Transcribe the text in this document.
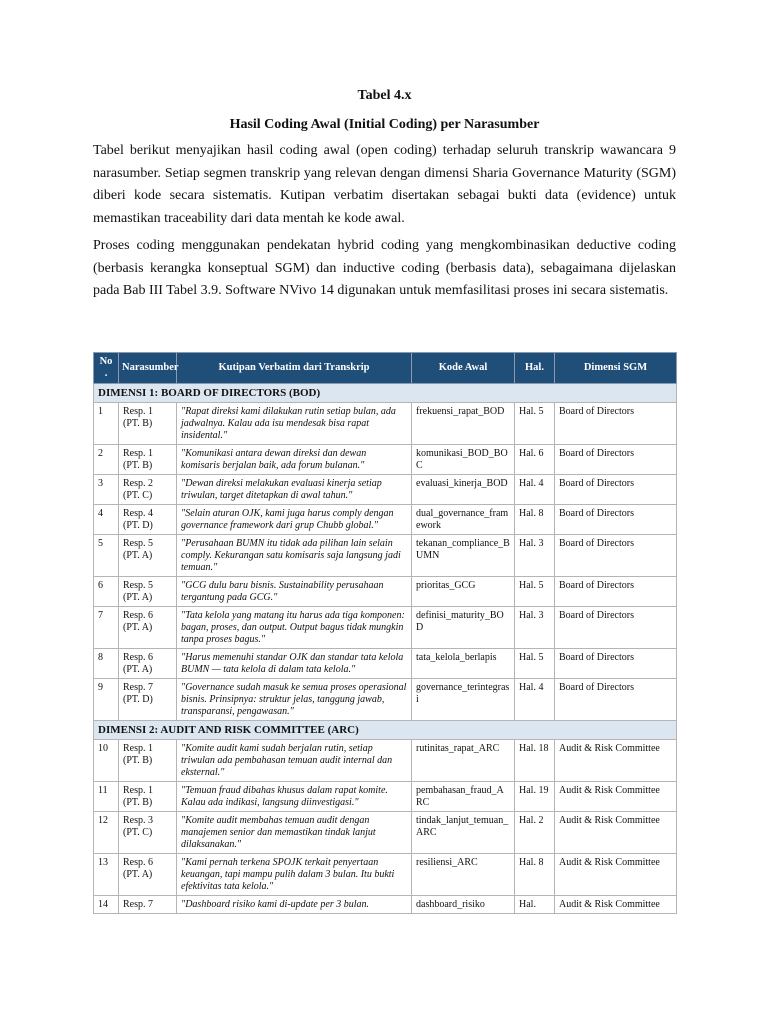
Tabel 4.x
Hasil Coding Awal (Initial Coding) per Narasumber

Tabel berikut menyajikan hasil coding awal (open coding) terhadap seluruh transkrip wawancara 9 narasumber. Setiap segmen transkrip yang relevan dengan dimensi Sharia Governance Maturity (SGM) diberi kode secara sistematis. Kutipan verbatim disertakan sebagai bukti data (evidence) untuk memastikan traceability dari data mentah ke kode awal.

Proses coding menggunakan pendekatan hybrid coding yang mengkombinasikan deductive coding (berbasis kerangka konseptual SGM) dan inductive coding (berbasis data), sebagaimana dijelaskan pada Bab III Tabel 3.9. Software NVivo 14 digunakan untuk memfasilitasi proses ini secara sistematis.

No .	Narasumber	Kutipan Verbatim dari Transkrip	Kode Awal	Hal.	Dimensi SGM
DIMENSI 1: BOARD OF DIRECTORS (BOD)					
1	Resp. 1 (PT. B)	"Rapat direksi kami dilakukan rutin setiap bulan, ada jadwalnya. Kalau ada isu mendesak bisa rapat insidental."	frekuensi_rapat_BOD	Hal. 5	Board of Directors
2	Resp. 1 (PT. B)	"Komunikasi antara dewan direksi dan dewan komisaris berjalan baik, ada forum bulanan."	komunikasi_BOD_BOC	Hal. 6	Board of Directors
3	Resp. 2 (PT. C)	"Dewan direksi melakukan evaluasi kinerja setiap triwulan, target ditetapkan di awal tahun."	evaluasi_kinerja_BOD	Hal. 4	Board of Directors
4	Resp. 4 (PT. D)	"Selain aturan OJK, kami juga harus comply dengan governance framework dari grup Chubb global."	dual_governance_framework	Hal. 8	Board of Directors
5	Resp. 5 (PT. A)	"Perusahaan BUMN itu tidak ada pilihan lain selain comply. Kekurangan satu komisaris saja langsung jadi temuan."	tekanan_compliance_BUMN	Hal. 3	Board of Directors
6	Resp. 5 (PT. A)	"GCG dulu baru bisnis. Sustainability perusahaan tergantung pada GCG."	prioritas_GCG	Hal. 5	Board of Directors
7	Resp. 6 (PT. A)	"Tata kelola yang matang itu harus ada tiga komponen: bagan, proses, dan output. Output bagus tidak mungkin tanpa proses bagus."	definisi_maturity_BOD	Hal. 3	Board of Directors
8	Resp. 6 (PT. A)	"Harus memenuhi standar OJK dan standar tata kelola BUMN — tata kelola di dalam tata kelola."	tata_kelola_berlapis	Hal. 5	Board of Directors
9	Resp. 7 (PT. D)	"Governance sudah masuk ke semua proses operasional bisnis. Prinsipnya: struktur jelas, tanggung jawab, transparansi, pengawasan."	governance_terintegrasi	Hal. 4	Board of Directors
DIMENSI 2: AUDIT AND RISK COMMITTEE (ARC)					
10	Resp. 1 (PT. B)	"Komite audit kami sudah berjalan rutin, setiap triwulan ada pembahasan temuan audit internal dan eksternal."	rutinitas_rapat_ARC	Hal. 18	Audit & Risk Committee
11	Resp. 1 (PT. B)	"Temuan fraud dibahas khusus dalam rapat komite. Kalau ada indikasi, langsung diinvestigasi."	pembahasan_fraud_ARC	Hal. 19	Audit & Risk Committee
12	Resp. 3 (PT. C)	"Komite audit membahas temuan audit dengan manajemen senior dan memastikan tindak lanjut dilaksanakan."	tindak_lanjut_temuan_ARC	Hal. 2	Audit & Risk Committee
13	Resp. 6 (PT. A)	"Kami pernah terkena SPOJK terkait penyertaan keuangan, tapi mampu pulih dalam 3 bulan. Itu bukti efektivitas tata kelola."	resiliensi_ARC	Hal. 8	Audit & Risk Committee
14	Resp. 7	"Dashboard risiko kami di-update per 3 bulan.	dashboard_risiko	Hal.	Audit & Risk Committee
